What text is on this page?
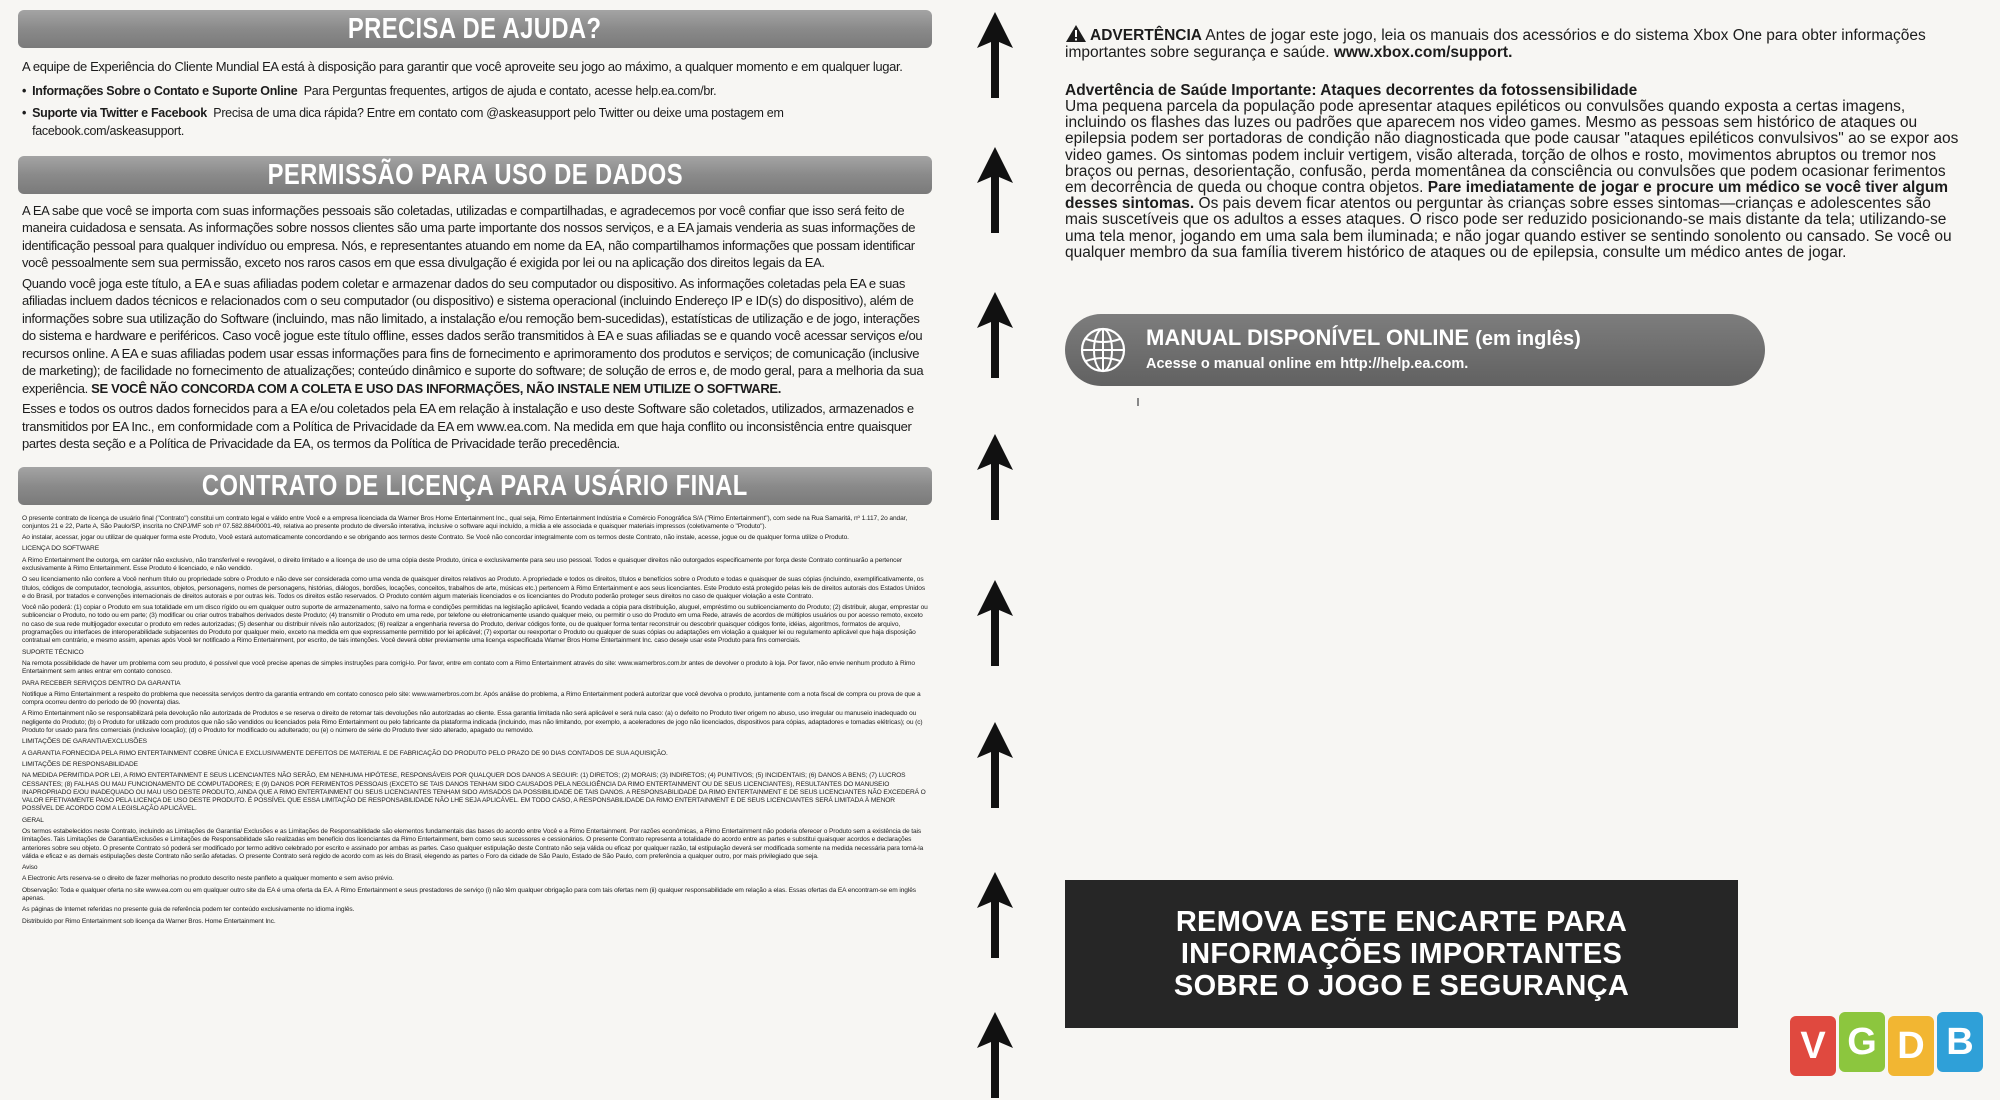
PRECISA DE AJUDA?

A equipe de Experiência do Cliente Mundial EA está à disposição para garantir que você aproveite seu jogo ao máximo, a qualquer momento e em qualquer lugar.

• Informações Sobre o Contato e Suporte Online Para Perguntas frequentes, artigos de ajuda e contato, acesse help.ea.com/br.
• Suporte via Twitter e Facebook Precisa de uma dica rápida? Entre em contato com @askeasupport pelo Twitter ou deixe uma postagem em facebook.com/askeasupport.
PERMISSÃO PARA USO DE DADOS

A EA sabe que você se importa com suas informações pessoais são coletadas, utilizadas e compartilhadas, e agradecemos por você confiar que isso será feito de maneira cuidadosa e sensata. As informações sobre nossos clientes são uma parte importante dos nossos serviços, e a EA jamais venderia as suas informações de identificação pessoal para qualquer indivíduo ou empresa. Nós, e representantes atuando em nome da EA, não compartilhamos informações que possam identificar você pessoalmente sem sua permissão, exceto nos raros casos em que essa divulgação é exigida por lei ou na aplicação dos direitos legais da EA.

Quando você joga este título, a EA e suas afiliadas podem coletar e armazenar dados do seu computador ou dispositivo. As informações coletadas pela EA e suas afiliadas incluem dados técnicos e relacionados com o seu computador (ou dispositivo) e sistema operacional (incluindo Endereço IP e ID(s) do dispositivo), além de informações sobre sua utilização do Software (incluindo, mas não limitado, a instalação e/ou remoção bem-sucedidas), estatísticas de utilização e de jogo, interações do sistema e hardware e periféricos. Caso você jogue este título offline, esses dados serão transmitidos à EA e suas afiliadas se e quando você acessar serviços e/ou recursos online. A EA e suas afiliadas podem usar essas informações para fins de fornecimento e aprimoramento dos produtos e serviços; de comunicação (inclusive de marketing); de facilidade no fornecimento de atualizações; conteúdo dinâmico e suporte do software; de solução de erros e, de modo geral, para a melhoria da sua experiência. SE VOCÊ NÃO CONCORDA COM A COLETA E USO DAS INFORMAÇÕES, NÃO INSTALE NEM UTILIZE O SOFTWARE.

Esses e todos os outros dados fornecidos para a EA e/ou coletados pela EA em relação à instalação e uso deste Software são coletados, utilizados, armazenados e transmitidos por EA Inc., em conformidade com a Política de Privacidade da EA em www.ea.com. Na medida em que haja conflito ou inconsistência entre quaisquer partes desta seção e a Política de Privacidade da EA, os termos da Política de Privacidade terão precedência.

CONTRATO DE LICENÇA PARA USÁRIO FINAL

O presente contrato de licença de usuário final ("Contrato") constitui um contrato legal e válido entre Você e a empresa licenciada da Warner Bros Home Entertainment Inc., qual seja, Rimo Entertainment Indústria e Comércio Fonográfica S/A ("Rimo Entertainment"), com sede na Rua Samaritá, nº 1.117, 2o andar, conjuntos 21 e 22, Parte A, São Paulo/SP, inscrita no CNPJ/MF sob nº 07.582.884/0001-49, relativa ao presente produto de diversão interativa, inclusive o software aqui incluído, a mídia a ele associada e quaisquer materiais impressos (coletivamente o "Produto").

Ao instalar, acessar, jogar ou utilizar de qualquer forma este Produto, Você estará automaticamente concordando e se obrigando aos termos deste Contrato. Se Você não concordar integralmente com os termos deste Contrato, não instale, acesse, jogue ou de qualquer forma utilize o Produto.

LICENÇA DO SOFTWARE

A Rimo Entertainment lhe outorga, em caráter não exclusivo, não transferível e revogável, o direito limitado e a licença de uso de uma cópia deste Produto, única e exclusivamente para seu uso pessoal. Todos e quaisquer direitos não outorgados especificamente por força deste Contrato continuarão a pertencer exclusivamente à Rimo Entertainment. Esse Produto é licenciado, e não vendido.

O seu licenciamento não confere a Você nenhum título ou propriedade sobre o Produto e não deve ser considerada como uma venda de quaisquer direitos relativos ao Produto. A propriedade e todos os direitos, títulos e benefícios sobre o Produto e todas e quaisquer de suas cópias (incluindo, exemplificativamente, os títulos, códigos de computador, tecnologia, assuntos, objetos, personagens, nomes de personagens, histórias, diálogos, bordões, locações, conceitos, trabalhos de arte, músicas etc.) pertencem à Rimo Entertainment e aos seus licenciantes. Este Produto está protegido pelas leis de direitos autorais dos Estados Unidos e do Brasil, por tratados e convenções internacionais de direitos autorais e por outras leis. Todos os direitos estão reservados. O Produto contém algum materiais licenciados e os licenciantes do Produto poderão proteger seus direitos no caso de qualquer violação a este Contrato.

Você não poderá: (1) copiar o Produto em sua totalidade em um disco rígido ou em qualquer outro suporte de armazenamento, salvo na forma e condições permitidas na legislação aplicável, ficando vedada a cópia para distribuição, aluguel, empréstimo ou sublicenciamento do Produto; (2) distribuir, alugar, emprestar ou sublicenciar o Produto, no todo ou em parte; (3) modificar ou criar outros trabalhos derivados deste Produto; (4) transmitir o Produto em uma rede, por telefone ou eletronicamente usando qualquer meio, ou permitir o uso do Produto em uma Rede, através de acordos de múltiplos usuários ou por acesso remoto, exceto no caso de sua rede multijogador executar o produto em redes autorizadas; (5) desenhar ou distribuir níveis não autorizados; (6) realizar a engenharia reversa do Produto, derivar códigos fonte, ou de qualquer forma tentar reconstruir ou descobrir quaisquer códigos fonte, idéias, algoritmos, formatos de arquivo, programações ou interfaces de interoperabilidade subjacentes do Produto por qualquer meio, exceto na medida em que expressamente permitido por lei aplicável; (7) exportar ou reexportar o Produto ou qualquer de suas cópias ou adaptações em violação a qualquer lei ou regulamento aplicável que haja disposição contratual em contrário, e mesmo assim, apenas após Você ter notificado a Rimo Entertainment, por escrito, de tais intenções. Você deverá obter previamente uma licença especificada Warner Bros Home Entertainment Inc. caso deseje usar este Produto para fins comerciais.

SUPORTE TÉCNICO

Na remota possibilidade de haver um problema com seu produto, é possível que você precise apenas de simples instruções para corrigi-lo. Por favor, entre em contato com a Rimo Entertainment através do site: www.warnerbros.com.br antes de devolver o produto à loja. Por favor, não envie nenhum produto à Rimo Entertainment sem antes entrar em contato conosco.

PARA RECEBER SERVIÇOS DENTRO DA GARANTIA

Notifique a Rimo Entertainment a respeito do problema que necessita serviços dentro da garantia entrando em contato conosco pelo site: www.warnerbros.com.br. Após análise do problema, a Rimo Entertainment poderá autorizar que você devolva o produto, juntamente com a nota fiscal de compra ou prova de que a compra ocorreu dentro do período de 90 (noventa) dias.

A Rimo Entertainment não se responsabilizará pela devolução não autorizada de Produtos e se reserva o direito de retornar tais devoluções não autorizadas ao cliente. Essa garantia limitada não será aplicável e será nula caso: (a) o defeito no Produto tiver origem no abuso, uso irregular ou manuseio inadequado ou negligente do Produto; (b) o Produto for utilizado com produtos que não são vendidos ou licenciados pela Rimo Entertainment ou pelo fabricante da plataforma indicada (incluindo, mas não limitando, por exemplo, a aceleradores de jogo não licenciados, dispositivos para cópias, adaptadores e tomadas elétricas); ou (c) Produto for usado para fins comerciais (inclusive locação); (d) o Produto for modificado ou adulterado; ou (e) o número de série do Produto tiver sido alterado, apagado ou removido.

LIMITAÇÕES DE GARANTIA/EXCLUSÕES

A GARANTIA FORNECIDA PELA RIMO ENTERTAINMENT COBRE ÚNICA E EXCLUSIVAMENTE DEFEITOS DE MATERIAL E DE FABRICAÇÃO DO PRODUTO PELO PRAZO DE 90 DIAS CONTADOS DE SUA AQUISIÇÃO.

LIMITAÇÕES DE RESPONSABILIDADE

NA MEDIDA PERMITIDA POR LEI, A RIMO ENTERTAINMENT E SEUS LICENCIANTES NÃO SERÃO, EM NENHUMA HIPÓTESE, RESPONSÁVEIS POR QUALQUER DOS DANOS A SEGUIR: (1) DIRETOS; (2) MORAIS; (3) INDIRETOS; (4) PUNITIVOS; (5) INCIDENTAIS; (6) DANOS A BENS; (7) LUCROS CESSANTES; (8) FALHAS OU MAU FUNCIONAMENTO DE COMPUTADORES; E (9) DANOS POR FERIMENTOS PESSOAIS (EXCETO SE TAIS DANOS TENHAM SIDO CAUSADOS PELA NEGLIGÊNCIA DA RIMO ENTERTAINMENT OU DE SEUS LICENCIANTES), RESULTANTES DO MANUSEIO INAPROPRIADO E/OU INADEQUADO OU MAU USO DESTE PRODUTO, AINDA QUE A RIMO ENTERTAINMENT OU SEUS LICENCIANTES TENHAM SIDO AVISADOS DA POSSIBILIDADE DE TAIS DANOS. A RESPONSABILIDADE DA RIMO ENTERTAINMENT E DE SEUS LICENCIANTES NÃO EXCEDERÁ O VALOR EFETIVAMENTE PAGO PELA LICENÇA DE USO DESTE PRODUTO. É POSSÍVEL QUE ESSA LIMITAÇÃO DE RESPONSABILIDADE NÃO LHE SEJA APLICÁVEL. EM TODO CASO, A RESPONSABILIDADE DA RIMO ENTERTAINMENT E DE SEUS LICENCIANTES SERÁ LIMITADA À MENOR POSSÍVEL DE ACORDO COM A LEGISLAÇÃO APLICÁVEL.

GERAL

Os termos estabelecidos neste Contrato, incluindo as Limitações de Garantia/ Exclusões e as Limitações de Responsabilidade são elementos fundamentais das bases do acordo entre Você e a Rimo Entertainment. Por razões econômicas, a Rimo Entertainment não poderia oferecer o Produto sem a existência de tais limitações. Tais Limitações de Garantia/Exclusões e Limitações de Responsabilidade são realizadas em benefício dos licenciantes da Rimo Entertainment, bem como seus sucessores e cessionários. O presente Contrato representa a totalidade do acordo entre as partes e substitui quaisquer acordos e declarações anteriores sobre seu objeto. O presente Contrato só poderá ser modificado por termo aditivo celebrado por escrito e assinado por ambas as partes. Caso qualquer estipulação deste Contrato não seja válida ou eficaz por qualquer razão, tal estipulação deverá ser modificada somente na medida necessária para torná-la válida e eficaz e as demais estipulações deste Contrato não serão afetadas. O presente Contrato será regido de acordo com as leis do Brasil, elegendo as partes o Foro da cidade de São Paulo, Estado de São Paulo, com preferência a qualquer outro, por mais privilegiado que seja.

Aviso

A Electronic Arts reserva-se o direito de fazer melhorias no produto descrito neste panfleto a qualquer momento e sem aviso prévio.

Observação: Toda e qualquer oferta no site www.ea.com ou em qualquer outro site da EA é uma oferta da EA. A Rimo Entertainment e seus prestadores de serviço (i) não têm qualquer obrigação para com tais ofertas nem (ii) qualquer responsabilidade em relação a elas. Essas ofertas da EA encontram-se em inglês apenas.

As páginas de Internet referidas no presente guia de referência podem ter conteúdo exclusivamente no idioma inglês.

Distribuído por Rimo Entertainment sob licença da Warner Bros. Home Entertainment Inc.

ADVERTÊNCIA Antes de jogar este jogo, leia os manuais dos acessórios e do sistema Xbox One para obter informações importantes sobre segurança e saúde. www.xbox.com/support.

Advertência de Saúde Importante: Ataques decorrentes da fotossensibilidade

Uma pequena parcela da população pode apresentar ataques epiléticos ou convulsões quando exposta a certas imagens, incluindo os flashes das luzes ou padrões que aparecem nos video games. Mesmo as pessoas sem histórico de ataques ou epilepsia podem ser portadoras de condição não diagnosticada que pode causar "ataques epiléticos convulsivos" ao se expor aos video games. Os sintomas podem incluir vertigem, visão alterada, torção de olhos e rosto, movimentos abruptos ou tremor nos braços ou pernas, desorientação, confusão, perda momentânea da consciência ou convulsões que podem ocasionar ferimentos em decorrência de queda ou choque contra objetos. Pare imediatamente de jogar e procure um médico se você tiver algum desses sintomas. Os pais devem ficar atentos ou perguntar às crianças sobre esses sintomas—crianças e adolescentes são mais suscetíveis que os adultos a esses ataques. O risco pode ser reduzido posicionando-se mais distante da tela; utilizando-se uma tela menor, jogando em uma sala bem iluminada; e não jogar quando estiver se sentindo sonolento ou cansado. Se você ou qualquer membro da sua família tiverem histórico de ataques ou de epilepsia, consulte um médico antes de jogar.

MANUAL DISPONÍVEL ONLINE (em inglês)
Acesse o manual online em http://help.ea.com.
REMOVA ESTE ENCARTE PARA
INFORMAÇÕES IMPORTANTES
SOBRE O JOGO E SEGURANÇA
V G D B
